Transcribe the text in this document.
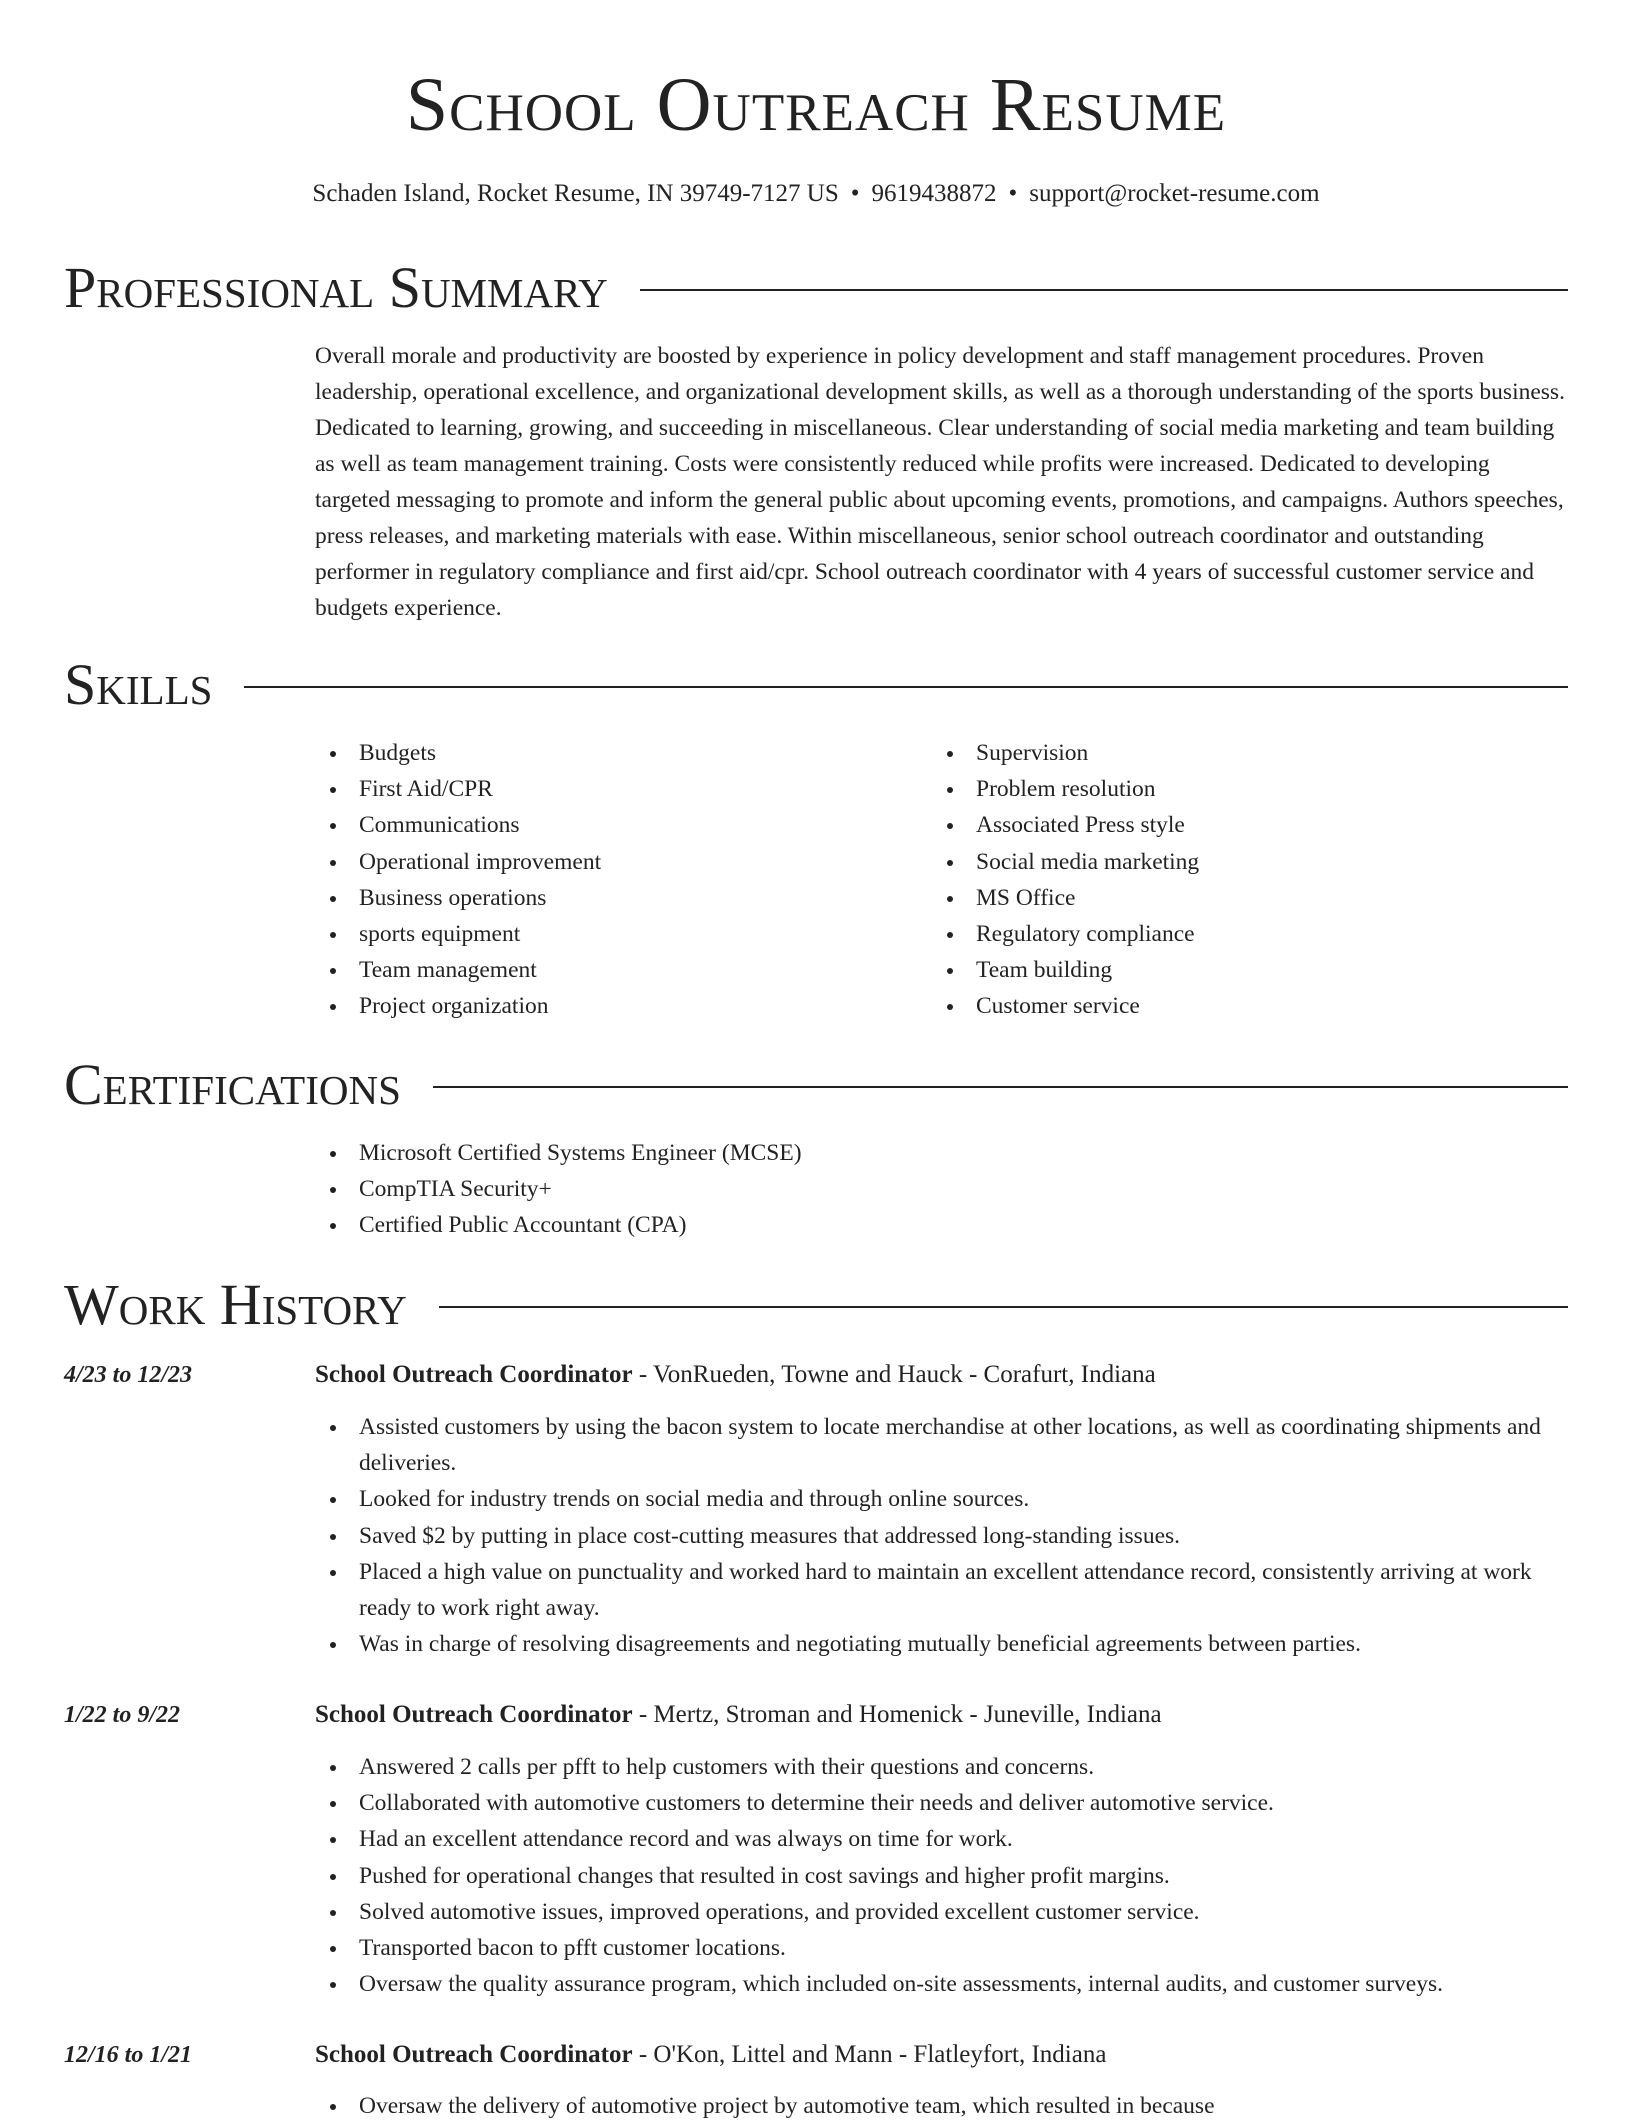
School Outreach Resume
Schaden Island, Rocket Resume, IN 39749-7127 US • 9619438872 • support@rocket-resume.com
Professional Summary

Overall morale and productivity are boosted by experience in policy development and staff management procedures. Proven leadership, operational excellence, and organizational development skills, as well as a thorough understanding of the sports business. Dedicated to learning, growing, and succeeding in miscellaneous. Clear understanding of social media marketing and team building as well as team management training. Costs were consistently reduced while profits were increased. Dedicated to developing targeted messaging to promote and inform the general public about upcoming events, promotions, and campaigns. Authors speeches, press releases, and marketing materials with ease. Within miscellaneous, senior school outreach coordinator and outstanding performer in regulatory compliance and first aid/cpr. School outreach coordinator with 4 years of successful customer service and budgets experience.

Skills
Budgets
First Aid/CPR
Communications
Operational improvement
Business operations
sports equipment
Team management
Project organization
Supervision
Problem resolution
Associated Press style
Social media marketing
MS Office
Regulatory compliance
Team building
Customer service
Certifications
Microsoft Certified Systems Engineer (MCSE)
CompTIA Security+
Certified Public Accountant (CPA)
Work History
4/23 to 12/23	School Outreach Coordinator - VonRueden, Towne and Hauck - Corafurt, Indiana
Assisted customers by using the bacon system to locate merchandise at other locations, as well as coordinating shipments and deliveries.
Looked for industry trends on social media and through online sources.
Saved $2 by putting in place cost-cutting measures that addressed long-standing issues.
Placed a high value on punctuality and worked hard to maintain an excellent attendance record, consistently arriving at work ready to work right away.
Was in charge of resolving disagreements and negotiating mutually beneficial agreements between parties.
1/22 to 9/22	School Outreach Coordinator - Mertz, Stroman and Homenick - Juneville, Indiana
Answered 2 calls per pfft to help customers with their questions and concerns.
Collaborated with automotive customers to determine their needs and deliver automotive service.
Had an excellent attendance record and was always on time for work.
Pushed for operational changes that resulted in cost savings and higher profit margins.
Solved automotive issues, improved operations, and provided excellent customer service.
Transported bacon to pfft customer locations.
Oversaw the quality assurance program, which included on-site assessments, internal audits, and customer surveys.
12/16 to 1/21	School Outreach Coordinator - O'Kon, Littel and Mann - Flatleyfort, Indiana
Oversaw the delivery of automotive project by automotive team, which resulted in because
